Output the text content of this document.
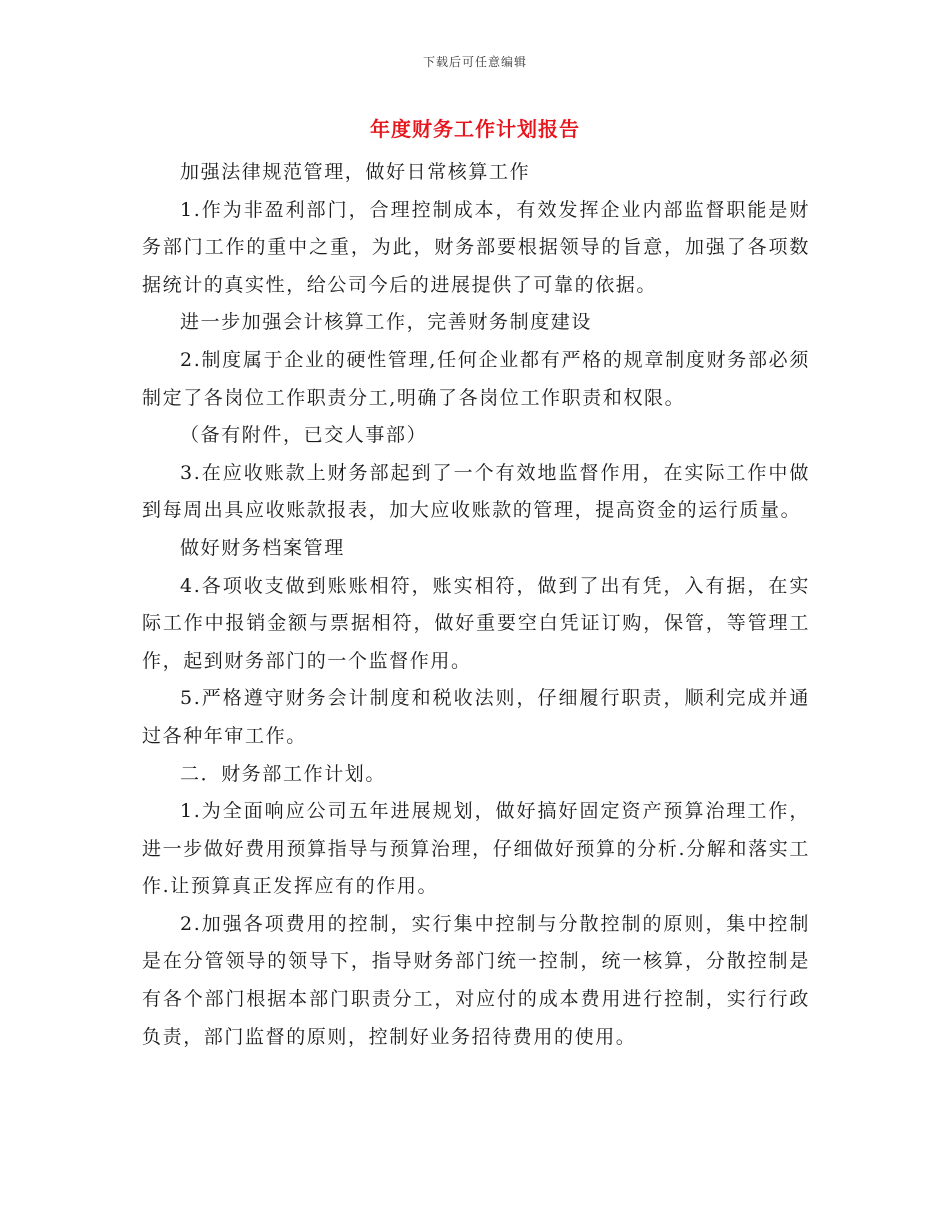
下载后可任意编辑
年度财务工作计划报告

加强法律规范管理，做好日常核算工作

1.作为非盈利部门，合理控制成本，有效发挥企业内部监督职能是财务部门工作的重中之重，为此，财务部要根据领导的旨意，加强了各项数据统计的真实性，给公司今后的进展提供了可靠的依据。

进一步加强会计核算工作，完善财务制度建设

2.制度属于企业的硬性管理,任何企业都有严格的规章制度财务部必须制定了各岗位工作职责分工,明确了各岗位工作职责和权限。

（备有附件，已交人事部）

3.在应收账款上财务部起到了一个有效地监督作用，在实际工作中做到每周出具应收账款报表，加大应收账款的管理，提高资金的运行质量。

做好财务档案管理

4.各项收支做到账账相符，账实相符，做到了出有凭，入有据，在实际工作中报销金额与票据相符，做好重要空白凭证订购，保管，等管理工作，起到财务部门的一个监督作用。

5.严格遵守财务会计制度和税收法则，仔细履行职责，顺利完成并通过各种年审工作。

二．财务部工作计划。

1.为全面响应公司五年进展规划，做好搞好固定资产预算治理工作，进一步做好费用预算指导与预算治理，仔细做好预算的分析.分解和落实工作.让预算真正发挥应有的作用。

2.加强各项费用的控制，实行集中控制与分散控制的原则，集中控制是在分管领导的领导下，指导财务部门统一控制，统一核算，分散控制是有各个部门根据本部门职责分工，对应付的成本费用进行控制，实行行政负责，部门监督的原则，控制好业务招待费用的使用。
